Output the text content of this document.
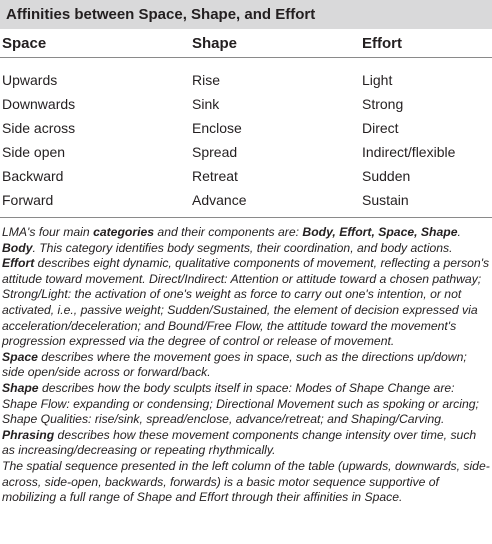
Affinities between Space, Shape, and Effort
Space	Shape	Effort
Upwards	Rise	Light
Downwards	Sink	Strong
Side across	Enclose	Direct
Side open	Spread	Indirect/flexible
Backward	Retreat	Sudden
Forward	Advance	Sustain

LMA's four main categories and their components are: Body, Effort, Space, Shape.

Body. This category identifies body segments, their coordination, and body actions.

Effort describes eight dynamic, qualitative components of movement, reflecting a person's attitude toward movement. Direct/Indirect: Attention or attitude toward a chosen pathway; Strong/Light: the activation of one's weight as force to carry out one's intention, or not activated, i.e., passive weight; Sudden/Sustained, the element of decision expressed via acceleration/deceleration; and Bound/Free Flow, the attitude toward the movement's progression expressed via the degree of control or release of movement.

Space describes where the movement goes in space, such as the directions up/down; side open/side across or forward/back.

Shape describes how the body sculpts itself in space: Modes of Shape Change are: Shape Flow: expanding or condensing; Directional Movement such as spoking or arcing; Shape Qualities: rise/sink, spread/enclose, advance/retreat; and Shaping/Carving.

Phrasing describes how these movement components change intensity over time, such as increasing/decreasing or repeating rhythmically.

The spatial sequence presented in the left column of the table (upwards, downwards, side-across, side-open, backwards, forwards) is a basic motor sequence supportive of mobilizing a full range of Shape and Effort through their affinities in Space.
